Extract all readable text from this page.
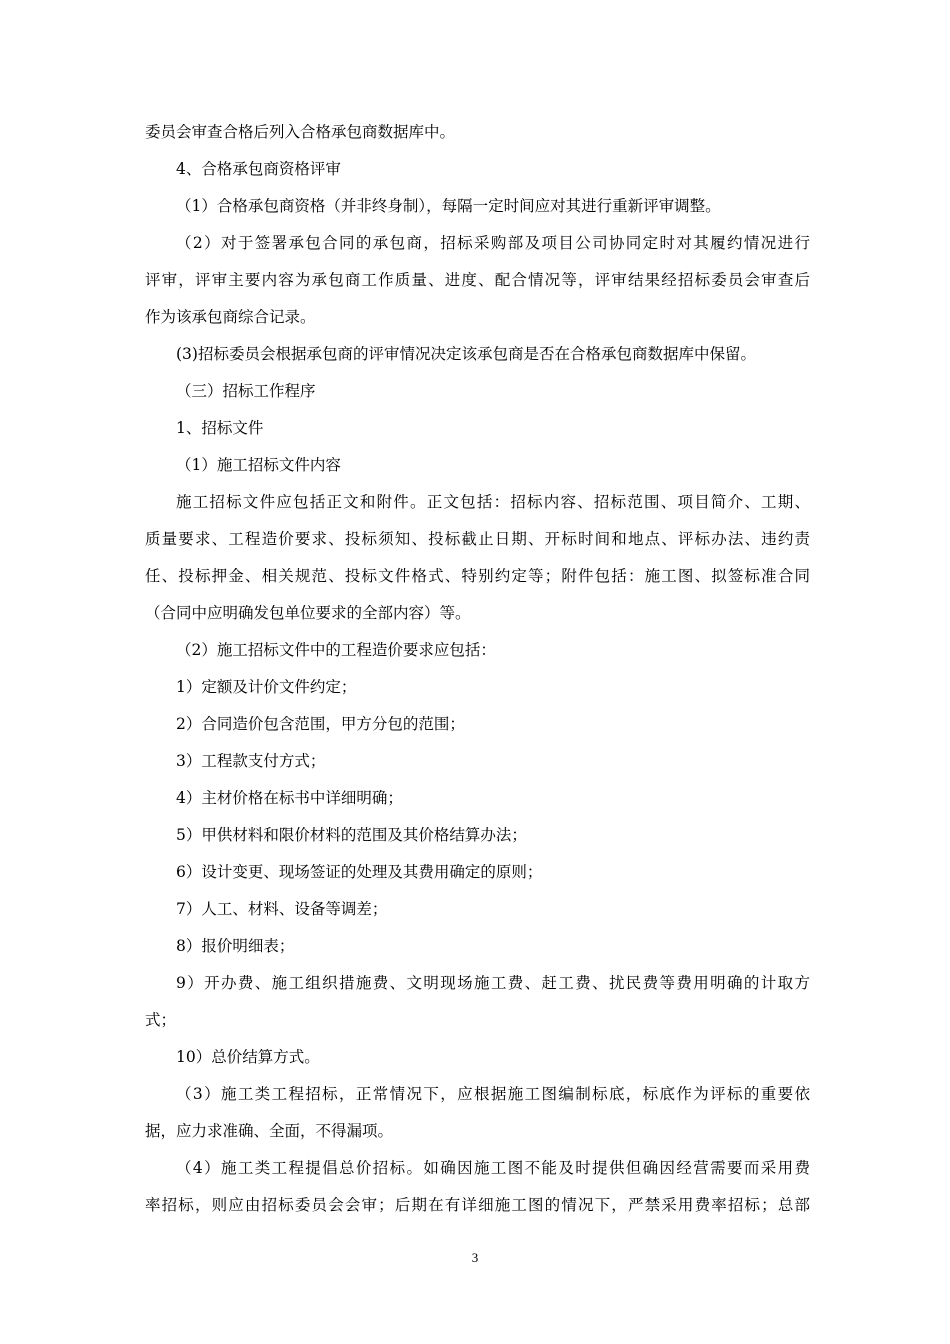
委员会审查合格后列入合格承包商数据库中。
4、合格承包商资格评审
（1）合格承包商资格（并非终身制），每隔一定时间应对其进行重新评审调整。
（2）对于签署承包合同的承包商，招标采购部及项目公司协同定时对其履约情况进行
评审，评审主要内容为承包商工作质量、进度、配合情况等，评审结果经招标委员会审查后
作为该承包商综合记录。
(3)招标委员会根据承包商的评审情况决定该承包商是否在合格承包商数据库中保留。
（三）招标工作程序
1、招标文件
（1）施工招标文件内容
施工招标文件应包括正文和附件。正文包括：招标内容、招标范围、项目简介、工期、
质量要求、工程造价要求、投标须知、投标截止日期、开标时间和地点、评标办法、违约责
任、投标押金、相关规范、投标文件格式、特别约定等；附件包括：施工图、拟签标准合同
（合同中应明确发包单位要求的全部内容）等。
（2）施工招标文件中的工程造价要求应包括：
1）定额及计价文件约定；
2）合同造价包含范围，甲方分包的范围；
3）工程款支付方式；
4）主材价格在标书中详细明确；
5）甲供材料和限价材料的范围及其价格结算办法；
6）设计变更、现场签证的处理及其费用确定的原则；
7）人工、材料、设备等调差；
8）报价明细表；
9）开办费、施工组织措施费、文明现场施工费、赶工费、扰民费等费用明确的计取方
式；
10）总价结算方式。
（3）施工类工程招标，正常情况下，应根据施工图编制标底，标底作为评标的重要依
据，应力求准确、全面，不得漏项。
（4）施工类工程提倡总价招标。如确因施工图不能及时提供但确因经营需要而采用费
率招标，则应由招标委员会会审；后期在有详细施工图的情况下，严禁采用费率招标；总部
3
